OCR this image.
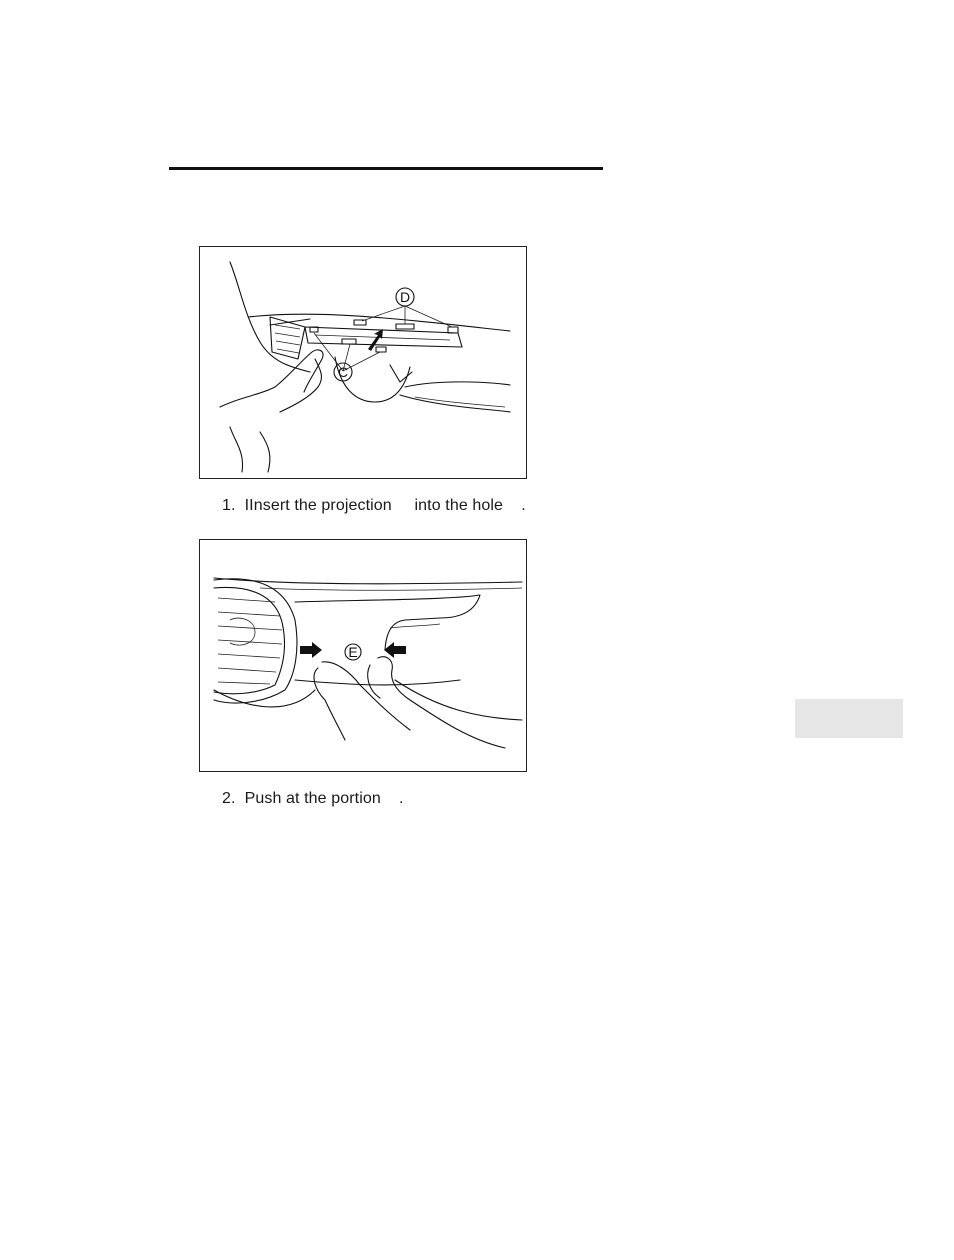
D
C
1.  IInsert the projection     into the hole    .
E
2.  Push at the portion    .
